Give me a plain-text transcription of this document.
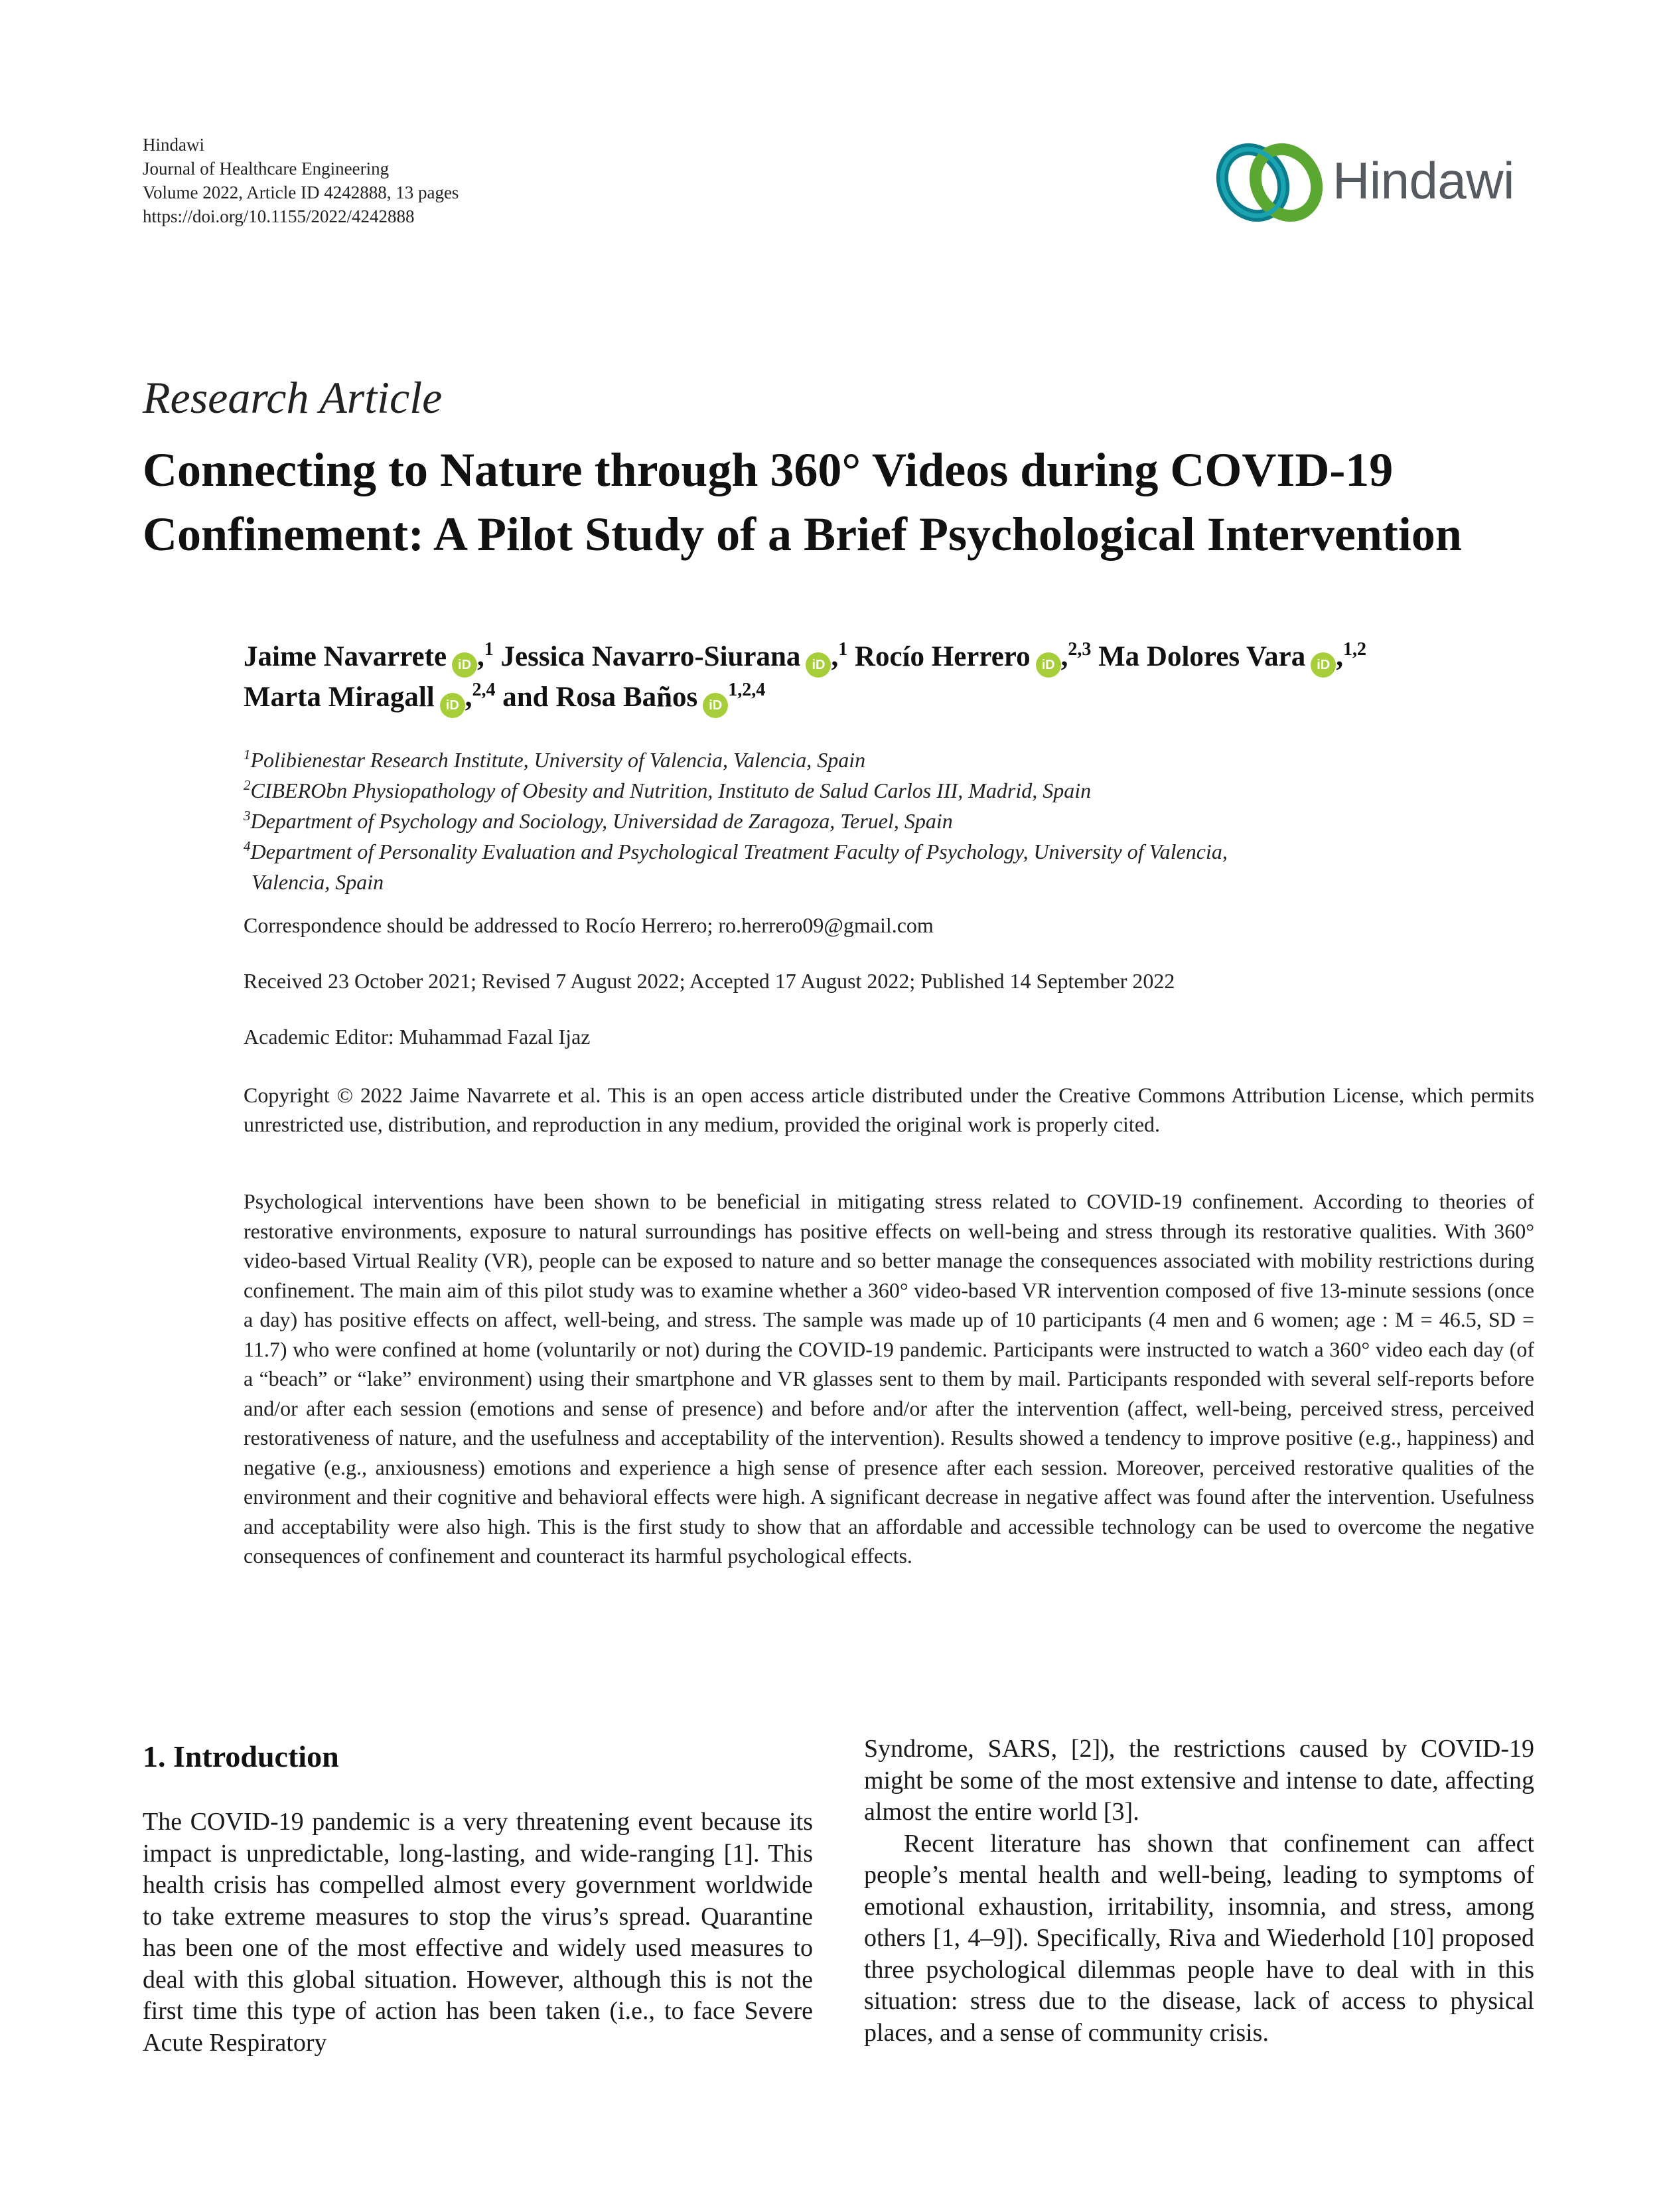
Hindawi
Journal of Healthcare Engineering
Volume 2022, Article ID 4242888, 13 pages
https://doi.org/10.1155/2022/4242888
Hindawi
Research Article
Connecting to Nature through 360° Videos during COVID-19
Confinement: A Pilot Study of a Brief Psychological Intervention
Jaime Navarrete iD ,$^1$ Jessica Navarro-Siurana iD ,$^1$ Rocío Herrero iD ,$^{2,3}$ Ma Dolores Vara iD ,$^{1,2}$
Marta Miragall iD ,$^{2,4}$ and Rosa Baños iD$^{1,2,4}$
$^1$Polibienestar Research Institute, University of Valencia, Valencia, Spain
$^2$CIBERObn Physiopathology of Obesity and Nutrition, Instituto de Salud Carlos III, Madrid, Spain
$^3$Department of Psychology and Sociology, Universidad de Zaragoza, Teruel, Spain
$^4$Department of Personality Evaluation and Psychological Treatment Faculty of Psychology, University of Valencia,
Valencia, Spain
Correspondence should be addressed to Rocío Herrero; ro.herrero09@gmail.com
Received 23 October 2021; Revised 7 August 2022; Accepted 17 August 2022; Published 14 September 2022
Academic Editor: Muhammad Fazal Ijaz
Copyright © 2022 Jaime Navarrete et al. This is an open access article distributed under the Creative Commons Attribution License, which permits unrestricted use, distribution, and reproduction in any medium, provided the original work is properly cited.
Psychological interventions have been shown to be beneficial in mitigating stress related to COVID-19 confinement. According to theories of restorative environments, exposure to natural surroundings has positive effects on well-being and stress through its restorative qualities. With 360° video-based Virtual Reality (VR), people can be exposed to nature and so better manage the consequences associated with mobility restrictions during confinement. The main aim of this pilot study was to examine whether a 360° video-based VR intervention composed of five 13-minute sessions (once a day) has positive effects on affect, well-being, and stress. The sample was made up of 10 participants (4 men and 6 women; age : M = 46.5, SD = 11.7) who were confined at home (voluntarily or not) during the COVID-19 pandemic. Participants were instructed to watch a 360° video each day (of a “beach” or “lake” environment) using their smartphone and VR glasses sent to them by mail. Participants responded with several self-reports before and/or after each session (emotions and sense of presence) and before and/or after the intervention (affect, well-being, perceived stress, perceived restorativeness of nature, and the usefulness and acceptability of the intervention). Results showed a tendency to improve positive (e.g., happiness) and negative (e.g., anxiousness) emotions and experience a high sense of presence after each session. Moreover, perceived restorative qualities of the environment and their cognitive and behavioral effects were high. A significant decrease in negative affect was found after the intervention. Usefulness and acceptability were also high. This is the first study to show that an affordable and accessible technology can be used to overcome the negative consequences of confinement and counteract its harmful psychological effects.
1. Introduction
The COVID-19 pandemic is a very threatening event because its impact is unpredictable, long-lasting, and wide-ranging [1]. This health crisis has compelled almost every government worldwide to take extreme measures to stop the virus’s spread. Quarantine has been one of the most effective and widely used measures to deal with this global situation. However, although this is not the first time this type of action has been taken (i.e., to face Severe Acute Respiratory
Syndrome, SARS, [2]), the restrictions caused by COVID-19 might be some of the most extensive and intense to date, affecting almost the entire world [3].
Recent literature has shown that confinement can affect people’s mental health and well-being, leading to symptoms of emotional exhaustion, irritability, insomnia, and stress, among others [1, 4–9]). Specifically, Riva and Wiederhold [10] proposed three psychological dilemmas people have to deal with in this situation: stress due to the disease, lack of access to physical places, and a sense of community crisis.
